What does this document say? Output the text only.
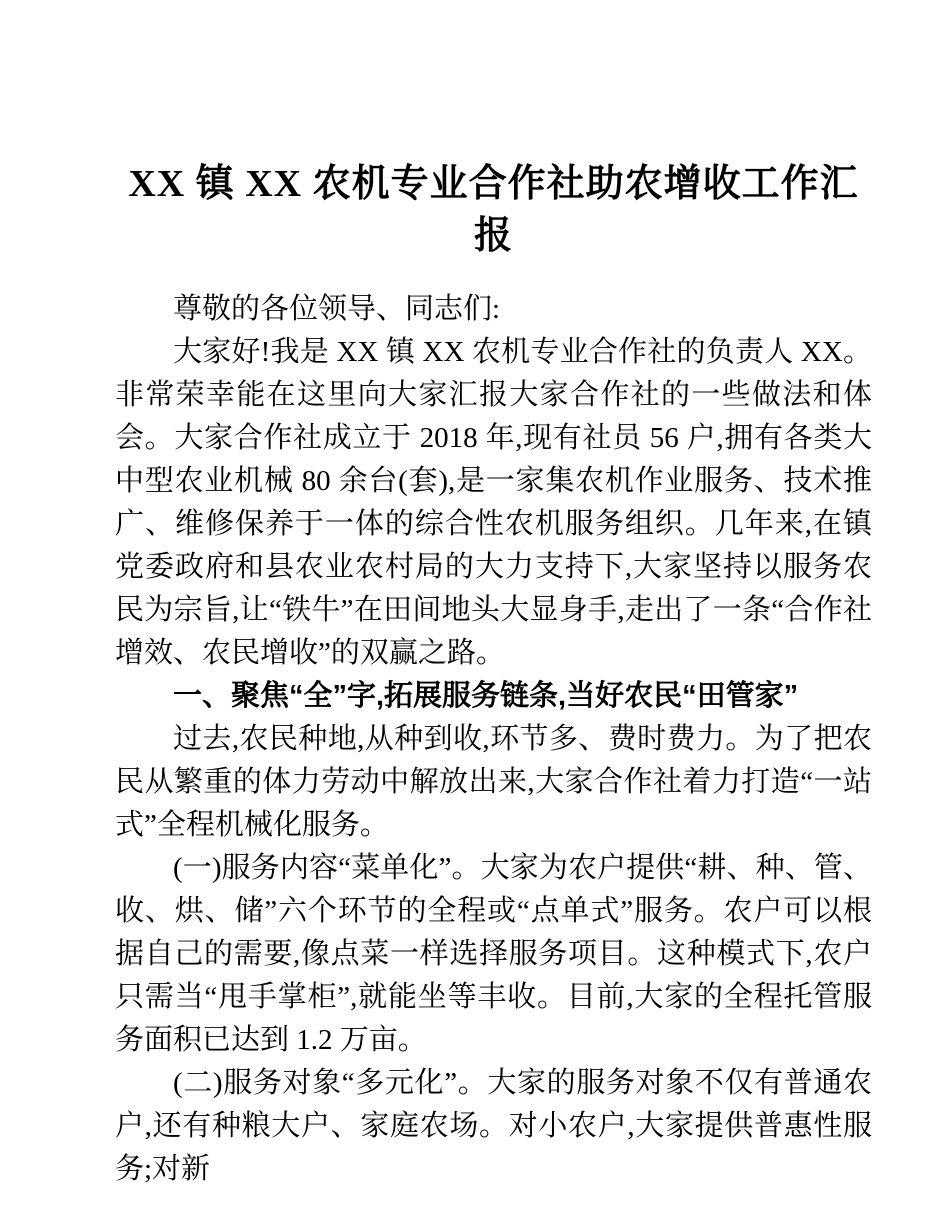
XX 镇 XX 农机专业合作社助农增收工作汇报

尊敬的各位领导、同志们:

大家好!我是 XX 镇 XX 农机专业合作社的负责人 XX。非常荣幸能在这里向大家汇报大家合作社的一些做法和体会。大家合作社成立于 2018 年,现有社员 56 户,拥有各类大中型农业机械 80 余台(套),是一家集农机作业服务、技术推广、维修保养于一体的综合性农机服务组织。几年来,在镇党委政府和县农业农村局的大力支持下,大家坚持以服务农民为宗旨,让“铁牛”在田间地头大显身手,走出了一条“合作社增效、农民增收”的双赢之路。

一、聚焦“全”字,拓展服务链条,当好农民“田管家”

过去,农民种地,从种到收,环节多、费时费力。为了把农民从繁重的体力劳动中解放出来,大家合作社着力打造“一站式”全程机械化服务。

(一)服务内容“菜单化”。大家为农户提供“耕、种、管、收、烘、储”六个环节的全程或“点单式”服务。农户可以根据自己的需要,像点菜一样选择服务项目。这种模式下,农户只需当“甩手掌柜”,就能坐等丰收。目前,大家的全程托管服务面积已达到 1.2 万亩。

(二)服务对象“多元化”。大家的服务对象不仅有普通农户,还有种粮大户、家庭农场。对小农户,大家提供普惠性服务;对新
